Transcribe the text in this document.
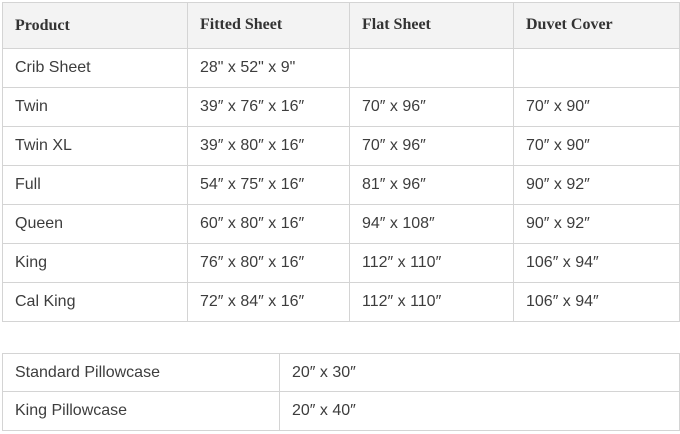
Product	Fitted Sheet	Flat Sheet	Duvet Cover
Crib Sheet	28" x 52" x 9"		
Twin	39″ x 76″ x 16″	70″ x 96″	70″ x 90″
Twin XL	39″ x 80″ x 16″	70″ x 96″	70″ x 90″
Full	54″ x 75″ x 16″	81″ x 96″	90″ x 92″
Queen	60″ x 80″ x 16″	94″ x 108″	90″ x 92″
King	76″ x 80″ x 16″	112″ x 110″	106″ x 94″
Cal King	72″ x 84″ x 16″	112″ x 110″	106″ x 94″
Standard Pillowcase	20″ x 30″
King Pillowcase	20″ x 40″
